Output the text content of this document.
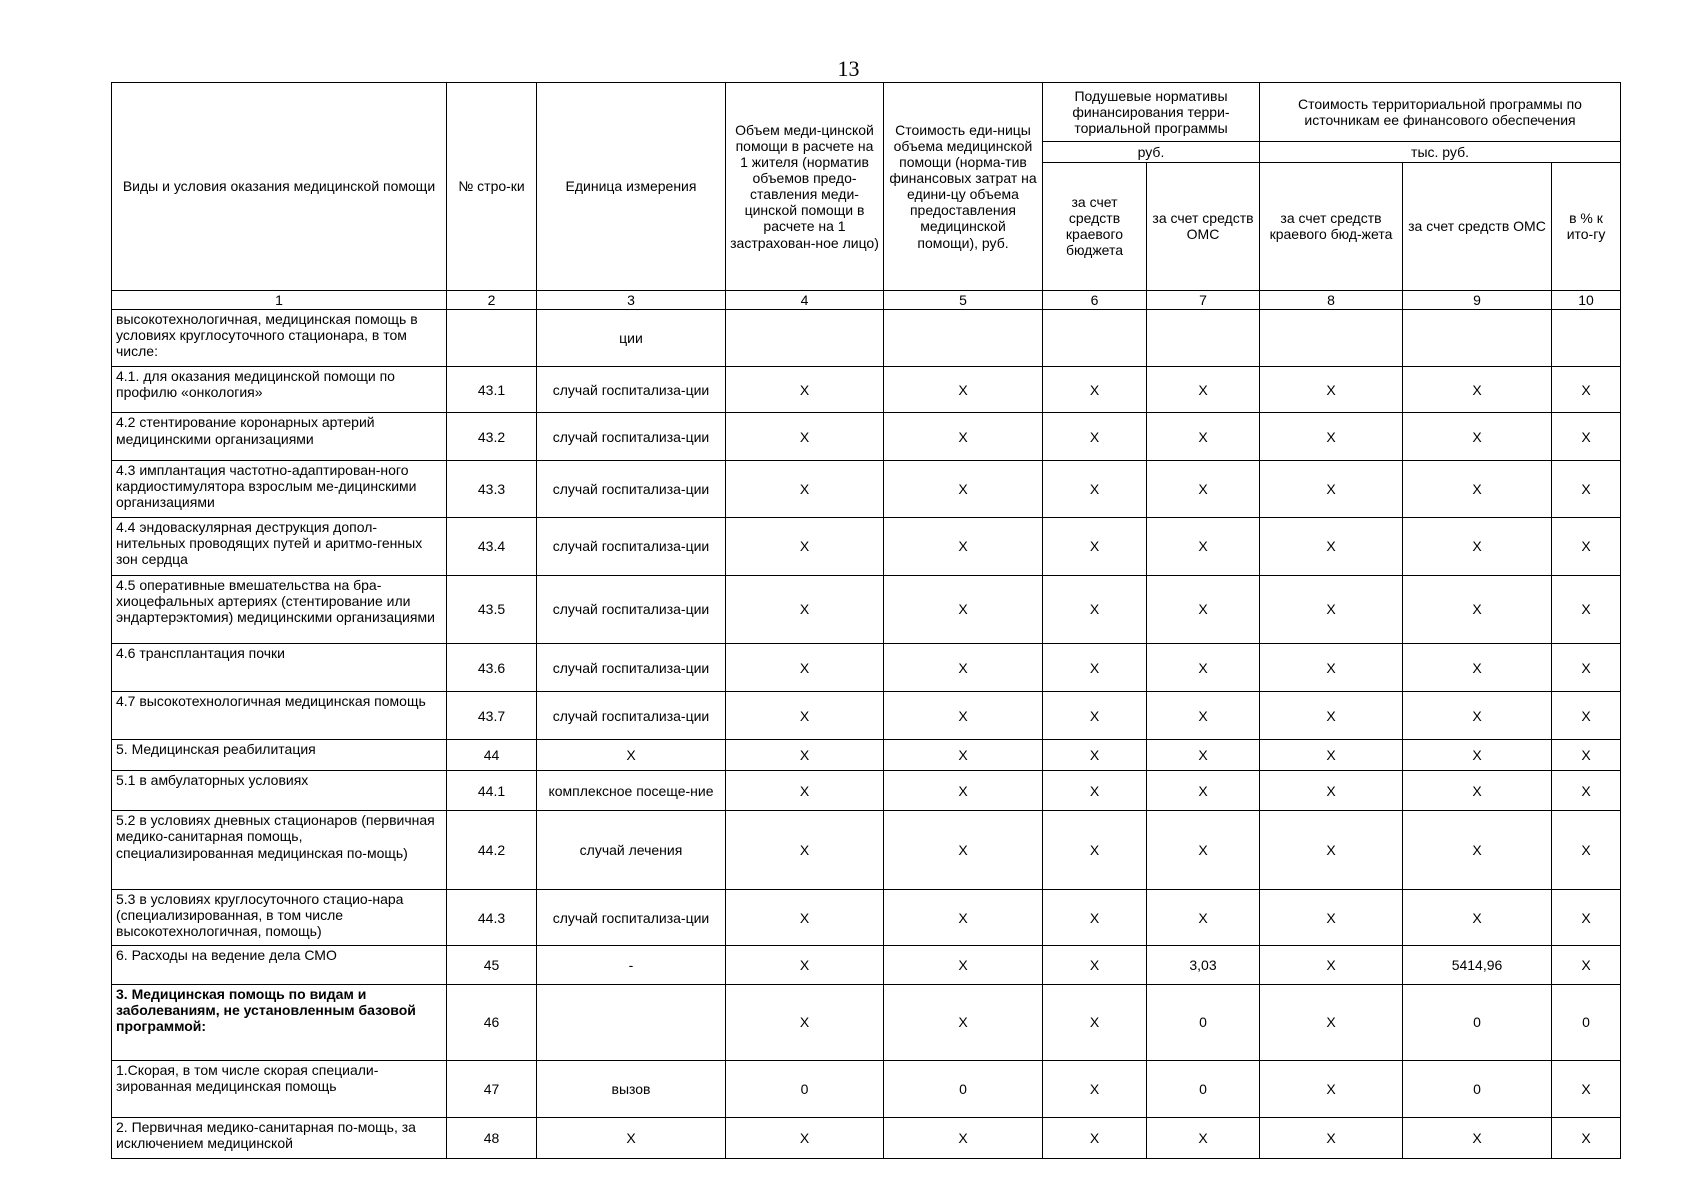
13
Виды и условия оказания медицинской помощи	№ стро-ки	Единица измерения	Объем меди-цинской помощи в расчете на 1 жителя (норматив объемов предо-ставления меди-цинской помощи в расчете на 1 застрахован-ное лицо)	Стоимость еди-ницы объема медицинской помощи (норма-тив финансовых затрат на едини-цу объема предоставления медицинской помощи), руб.	Подушевые нормативы финансирования терри-ториальной программы		Стоимость территориальной программы по источникам ее финансового обеспечения		
					руб.		тыс. руб.		
					за счет средств краевого бюджета	за счет средств ОМС	за счет средств краевого бюд-жета	за счет средств ОМС	в % к ито-гу
1	2	3	4	5	6	7	8	9	10
высокотехнологичная, медицинская помощь в условиях круглосуточного стационара, в том числе:		ции							
4.1. для оказания медицинской помощи по профилю «онкология»	43.1	случай госпитализа-ции	X	X	X	X	X	X	X
4.2 стентирование коронарных артерий медицинскими организациями	43.2	случай госпитализа-ции	X	X	X	X	X	X	X
4.3 имплантация частотно-адаптирован-ного кардиостимулятора взрослым ме-дицинскими организациями	43.3	случай госпитализа-ции	X	X	X	X	X	X	X
4.4 эндоваскулярная деструкция допол-нительных проводящих путей и аритмо-генных зон сердца	43.4	случай госпитализа-ции	X	X	X	X	X	X	X
4.5 оперативные вмешательства на бра-хиоцефальных артериях (стентирование или эндартерэктомия) медицинскими организациями	43.5	случай госпитализа-ции	X	X	X	X	X	X	X
4.6 трансплантация почки	43.6	случай госпитализа-ции	X	X	X	X	X	X	X
4.7 высокотехнологичная медицинская помощь	43.7	случай госпитализа-ции	X	X	X	X	X	X	X
5. Медицинская реабилитация	44	X	X	X	X	X	X	X	X
5.1 в амбулаторных условиях	44.1	комплексное посеще-ние	X	X	X	X	X	X	X
5.2 в условиях дневных стационаров (первичная медико-санитарная помощь, специализированная медицинская по-мощь)	44.2	случай лечения	X	X	X	X	X	X	X
5.3 в условиях круглосуточного стацио-нара (специализированная, в том числе высокотехнологичная, помощь)	44.3	случай госпитализа-ции	X	X	X	X	X	X	X
6. Расходы на ведение дела СМО	45	-	X	X	X	3,03	X	5414,96	X
3. Медицинская помощь по видам и заболеваниям, не установленным базовой программой:	46		X	X	X	0	X	0	0
1.Скорая, в том числе скорая специали-зированная медицинская помощь	47	вызов	0	0	X	0	X	0	X
2. Первичная медико-санитарная по-мощь, за исключением медицинской	48	X	X	X	X	X	X	X	X
